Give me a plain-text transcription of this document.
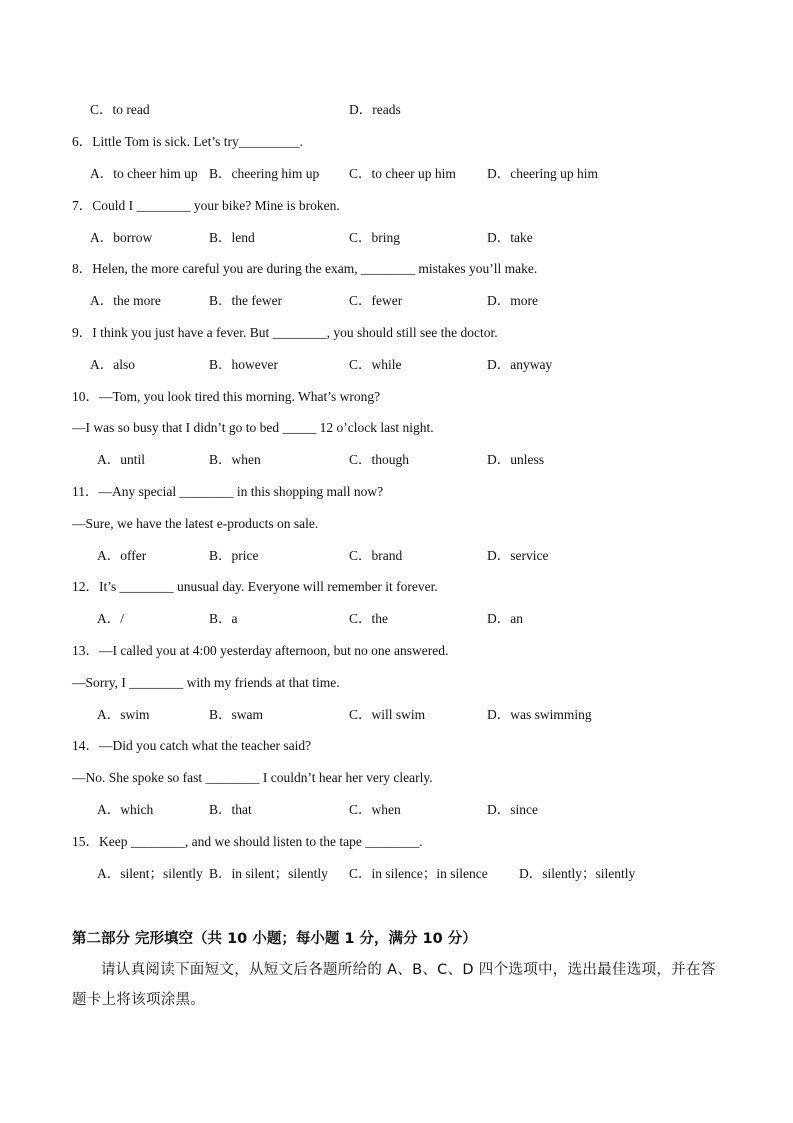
C．to read	D．reads
6．Little Tom is sick. Let’s try_________.
A．to cheer him up B．cheering him up C．to cheer up him D．cheering up him
7．Could I ________ your bike? Mine is broken.
A．borrow	B．lend	C．bring	D．take
8．Helen, the more careful you are during the exam, ________ mistakes you’ll make.
A．the more	B．the fewer	C．fewer	D．more
9．I think you just have a fever. But ________, you should still see the doctor.
A．also	B．however	C．while	D．anyway
10．—Tom, you look tired this morning. What’s wrong?
—I was so busy that I didn’t go to bed _____ 12 o’clock last night.
A．until	B．when	C．though	D．unless
11．—Any special ________ in this shopping mall now?
—Sure, we have the latest e-products on sale.
A．offer	B．price	C．brand	D．service
12．It’s ________ unusual day. Everyone will remember it forever.
A．/	B．a	C．the	D．an
13．—I called you at 4:00 yesterday afternoon, but no one answered.
—Sorry, I ________ with my friends at that time.
A．swim	B．swam	C．will swim	D．was swimming
14．—Did you catch what the teacher said?
—No. She spoke so fast ________ I couldn’t hear her very clearly.
A．which	B．that	C．when	D．since
15．Keep ________, and we should listen to the tape ________.
A．silent；silently B．in silent；silently C．in silence；in silence D．silently；silently
第二部分 完形填空（共 10 小题；每小题 1 分，满分 10 分）
请认真阅读下面短文，从短文后各题所给的 A、B、C、D 四个选项中，选出最佳选项，并在答题卡上将该项涂黑。
